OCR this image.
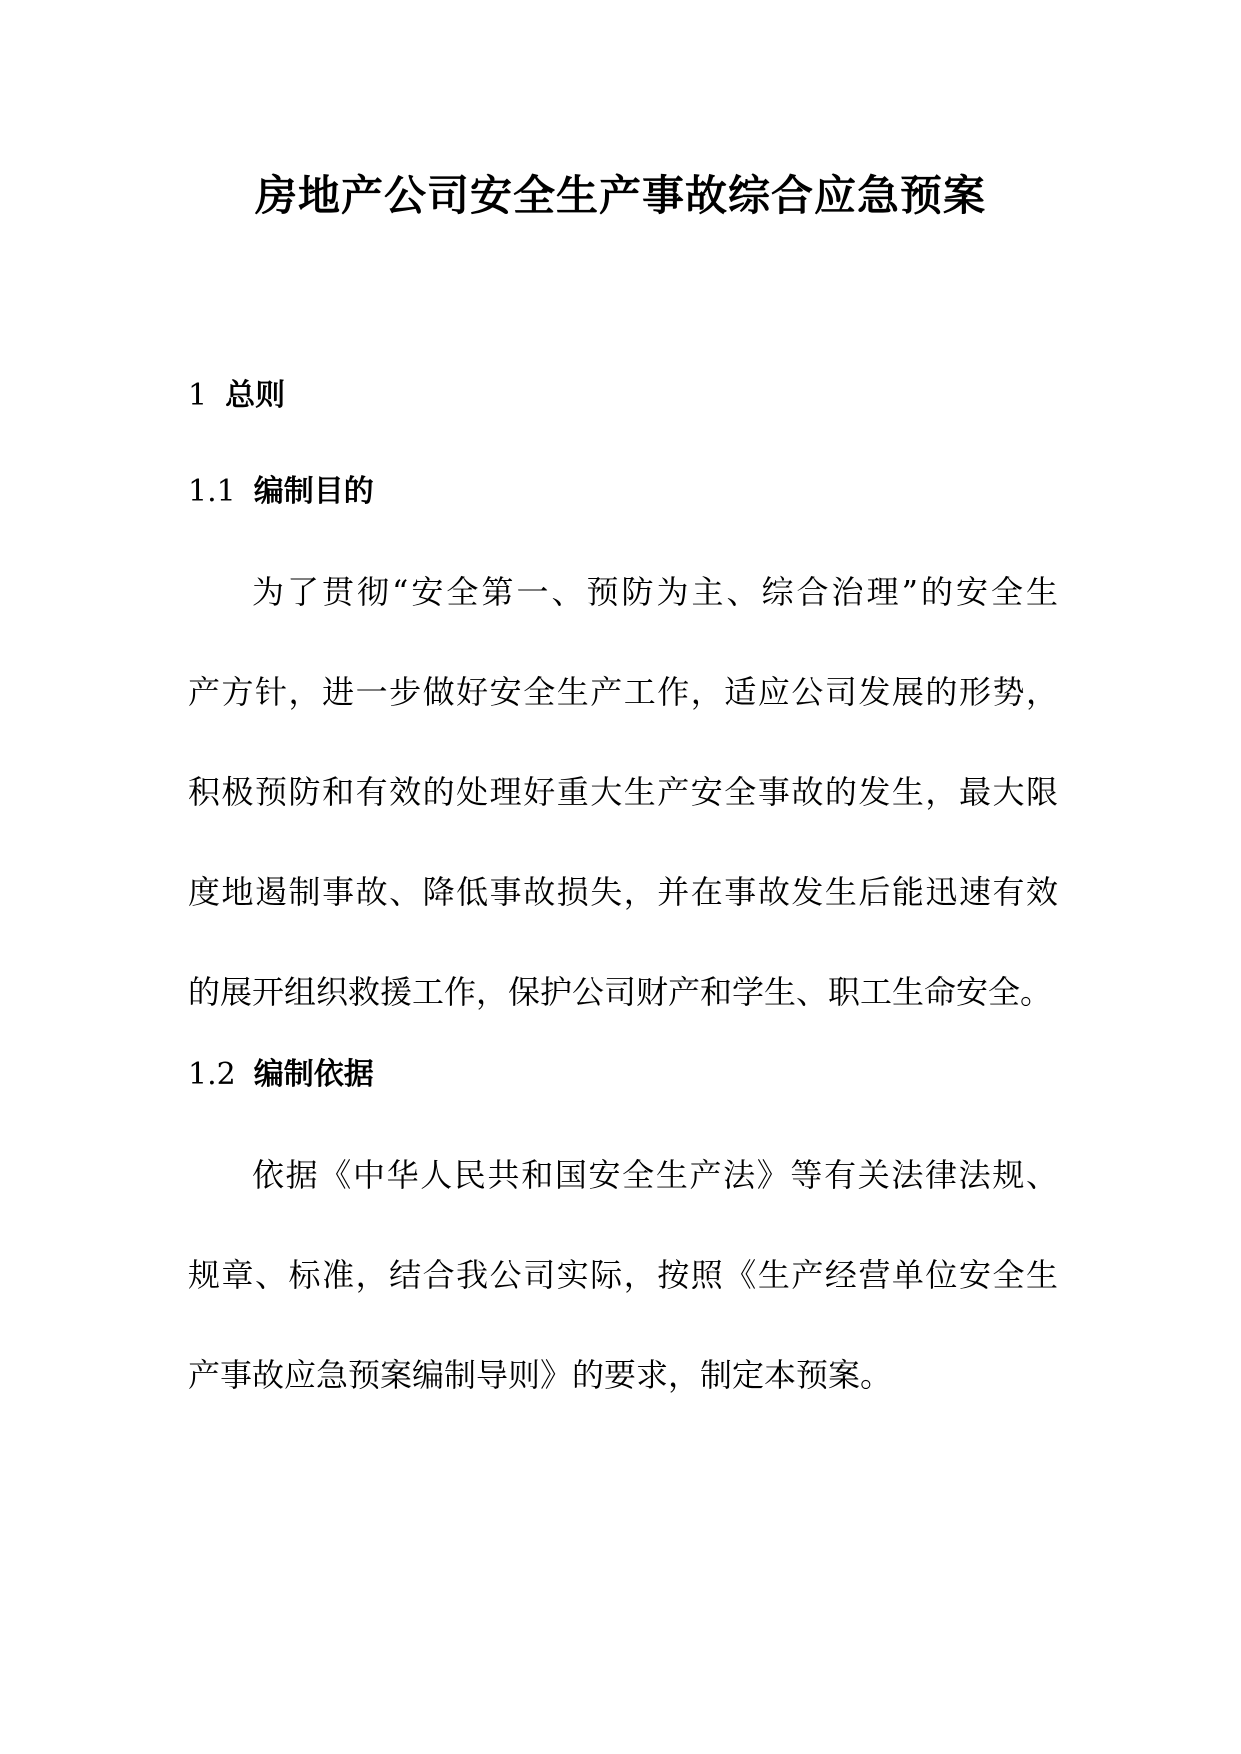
房地产公司安全生产事故综合应急预案
1 总则
1.1 编制目的
为了贯彻“安全第一、预防为主、综合治理”的安全生
产方针，进一步做好安全生产工作，适应公司发展的形势，
积极预防和有效的处理好重大生产安全事故的发生，最大限
度地遏制事故、降低事故损失，并在事故发生后能迅速有效
的展开组织救援工作，保护公司财产和学生、职工生命安全。
1.2 编制依据
依据《中华人民共和国安全生产法》等有关法律法规、
规章、标准，结合我公司实际，按照《生产经营单位安全生
产事故应急预案编制导则》的要求，制定本预案。
